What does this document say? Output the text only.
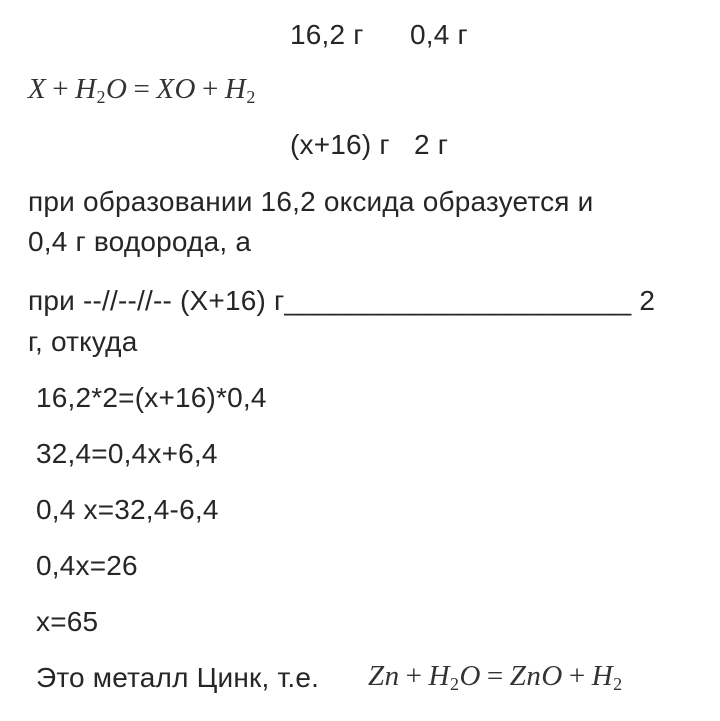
16,2 г 0,4 г
$X + H_2O$ = XO + $H_2$
(x+16) г 2 г
при образовании 16,2 оксида образуется и
0,4 г водорода, а
при --//--//-- (X+16) г______________________ 2
г, откуда
16,2*2=(x+16)*0,4
32,4=0,4x+6,4
0,4 x=32,4-6,4
0,4x=26
x=65
Это металл Цинк, т.е. $Zn + H_2O$ = ZnO + $H_2$
